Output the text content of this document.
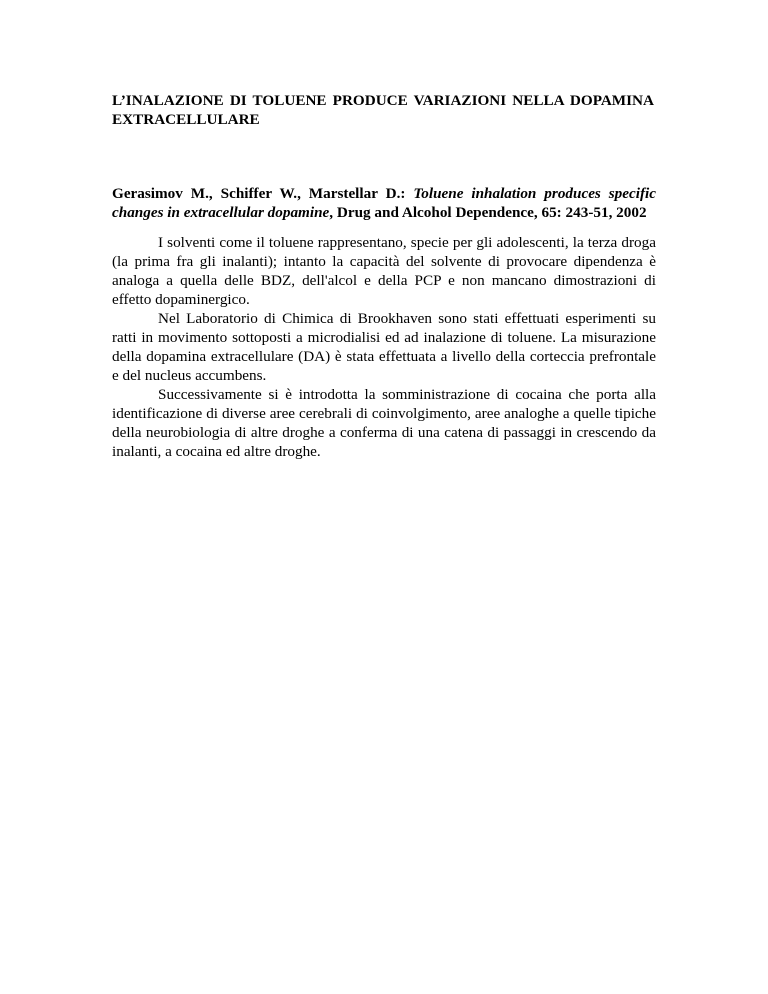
L’INALAZIONE DI TOLUENE PRODUCE VARIAZIONI NELLA DOPAMINA EXTRACELLULARE

Gerasimov M., Schiffer W., Marstellar D.: Toluene inhalation produces specific changes in extracellular dopamine, Drug and Alcohol Dependence, 65: 243-51, 2002

I solventi come il toluene rappresentano, specie per gli adolescenti, la terza droga (la prima fra gli inalanti); intanto la capacità del solvente di provocare dipendenza è analoga a quella delle BDZ, dell'alcol e della PCP e non mancano dimostrazioni di effetto dopaminergico.

Nel Laboratorio di Chimica di Brookhaven sono stati effettuati esperimenti su ratti in movimento sottoposti a microdialisi ed ad inalazione di toluene. La misurazione della dopamina extracellulare (DA) è stata effettuata a livello della corteccia prefrontale e del nucleus accumbens.

Successivamente si è introdotta la somministrazione di cocaina che porta alla identificazione di diverse aree cerebrali di coinvolgimento, aree analoghe a quelle tipiche della neurobiologia di altre droghe a conferma di una catena di passaggi in crescendo da inalanti, a cocaina ed altre droghe.
